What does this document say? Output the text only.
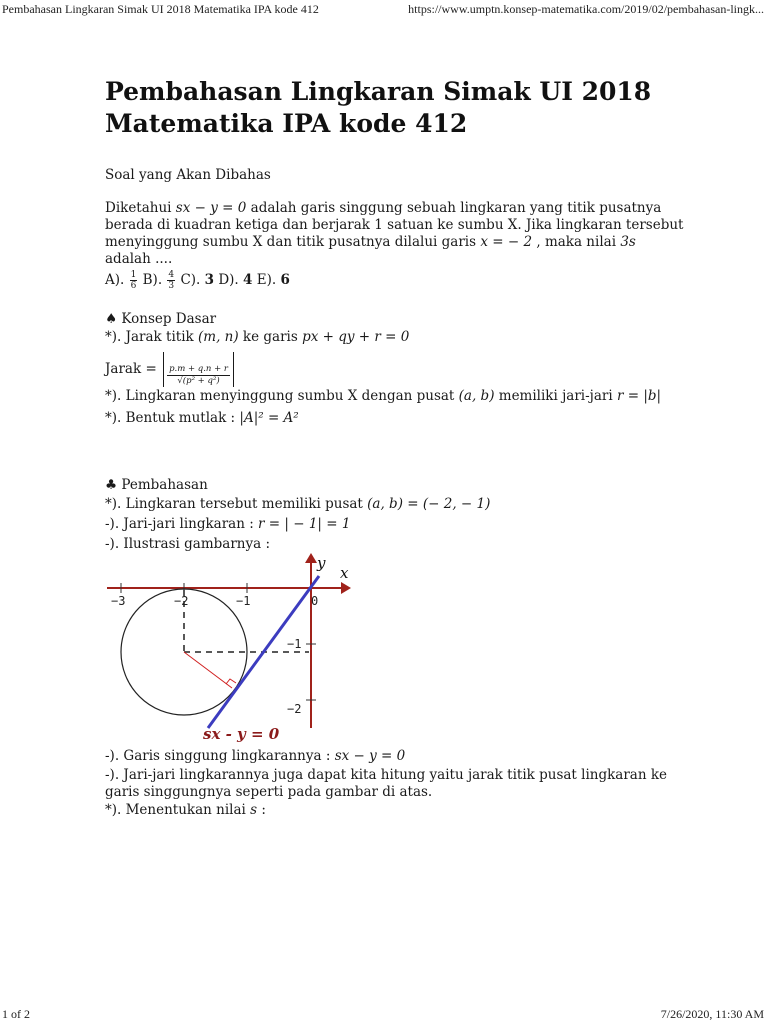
Pembahasan Lingkaran Simak UI 2018 Matematika IPA kode 412	https://www.umptn.konsep-matematika.com/2019/02/pembahasan-lingk...
1 of 2	7/26/2020, 11:30 AM
Pembahasan Lingkaran Simak UI 2018 Matematika IPA kode 412
Soal yang Akan Dibahas
Diketahui sx − y = 0 adalah garis singgung sebuah lingkaran yang titik pusatnya
berada di kuadran ketiga dan berjarak 1 satuan ke sumbu X. Jika lingkaran tersebut
menyinggung sumbu X dan titik pusatnya dilalui garis x = − 2 , maka nilai 3s
adalah ....
A). $\frac{1}{6} B$). $\frac{4}{3} C$). 3 D). 4 E). 6
♠ Konsep Dasar
*). Jarak titik (m, n) ke garis px + qy + r = 0
Jarak = $\frac{p.m + q.n + r}{\text{√(p² + q²)}}$
*). Lingkaran menyinggung sumbu X dengan pusat (a, b) memiliki jari-jari r = |b|
*). Bentuk mutlak : |A|² = A²
♣ Pembahasan
*). Lingkaran tersebut memiliki pusat (a, b) = (− 2, − 1)
-). Jari-jari lingkaran : r = | − 1| = 1
-). Ilustrasi gambarnya :
−3	−2	−1	0
−1
−2
x
y
sx - y = 0
-). Garis singgung lingkarannya : sx − y = 0
-). Jari-jari lingkarannya juga dapat kita hitung yaitu jarak titik pusat lingkaran ke
garis singgungnya seperti pada gambar di atas.
*). Menentukan nilai s :
